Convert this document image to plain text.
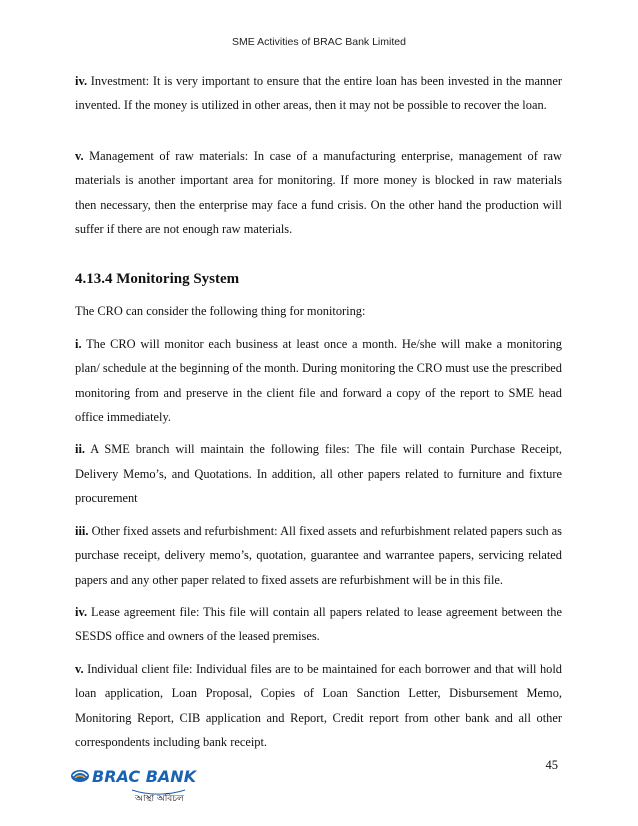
SME Activities of BRAC Bank Limited

iv. Investment: It is very important to ensure that the entire loan has been invested in the manner invented. If the money is utilized in other areas, then it may not be possible to recover the loan.

v. Management of raw materials: In case of a manufacturing enterprise, management of raw materials is another important area for monitoring. If more money is blocked in raw materials then necessary, then the enterprise may face a fund crisis. On the other hand the production will suffer if there are not enough raw materials.

4.13.4 Monitoring System

The CRO can consider the following thing for monitoring:

i. The CRO will monitor each business at least once a month. He/she will make a monitoring plan/ schedule at the beginning of the month. During monitoring the CRO must use the prescribed monitoring from and preserve in the client file and forward a copy of the report to SME head office immediately.

ii. A SME branch will maintain the following files: The file will contain Purchase Receipt, Delivery Memo’s, and Quotations. In addition, all other papers related to furniture and fixture procurement

iii. Other fixed assets and refurbishment: All fixed assets and refurbishment related papers such as purchase receipt, delivery memo’s, quotation, guarantee and warrantee papers, servicing related papers and any other paper related to fixed assets are refurbishment will be in this file.

iv. Lease agreement file: This file will contain all papers related to lease agreement between the SESDS office and owners of the leased premises.

v. Individual client file: Individual files are to be maintained for each borrower and that will hold loan application, Loan Proposal, Copies of Loan Sanction Letter, Disbursement Memo, Monitoring Report, CIB application and Report, Credit report from other bank and all other correspondents including bank receipt.

45
BRAC BANK
আস্থা অবিচল
